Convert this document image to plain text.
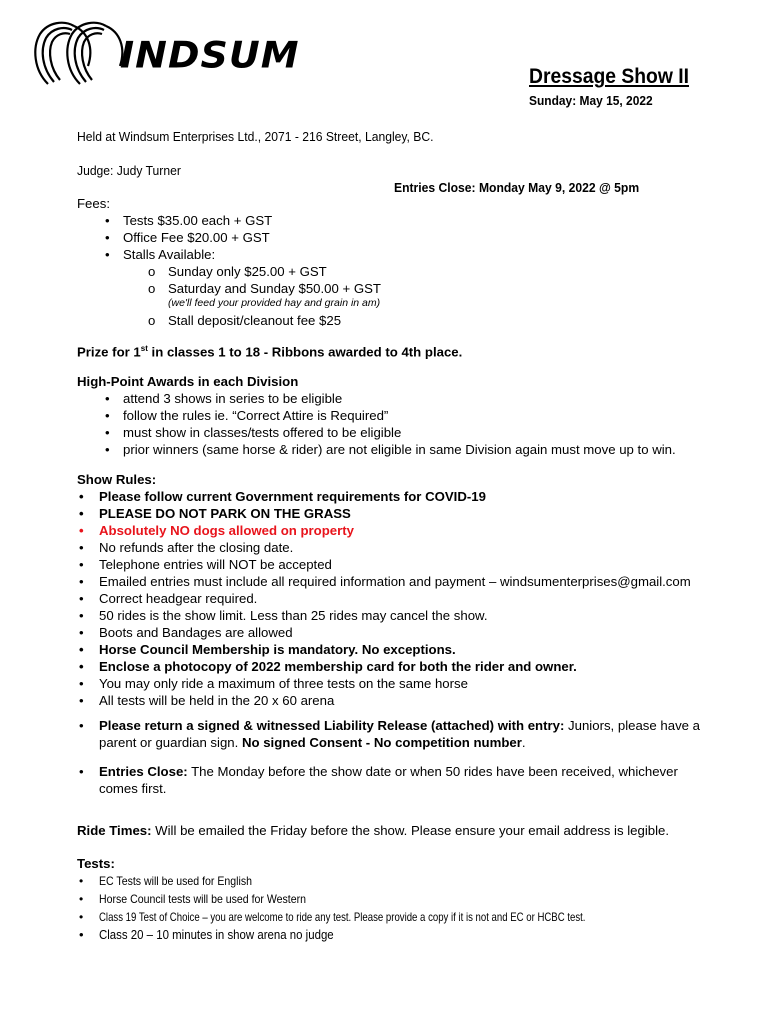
INDSUM
Dressage Show II
Sunday: May 15, 2022
Held at Windsum Enterprises Ltd., 2071 - 216 Street, Langley, BC.
Judge: Judy Turner
Entries Close: Monday May 9, 2022 @ 5pm
Fees:
• Tests $35.00 each + GST
• Office Fee $20.00 + GST
• Stalls Available:
o Sunday only $25.00 + GST
o Saturday and Sunday $50.00 + GST
(we'll feed your provided hay and grain in am)
o Stall deposit/cleanout fee $25
Prize for 1st in classes 1 to 18 - Ribbons awarded to 4th place.
High-Point Awards in each Division
• attend 3 shows in series to be eligible
• follow the rules ie. “Correct Attire is Required”
• must show in classes/tests offered to be eligible
• prior winners (same horse & rider) are not eligible in same Division again must move up to win.
Show Rules:
• Please follow current Government requirements for COVID-19
• PLEASE DO NOT PARK ON THE GRASS
• Absolutely NO dogs allowed on property
• No refunds after the closing date.
• Telephone entries will NOT be accepted
• Emailed entries must include all required information and payment – windsumenterprises@gmail.com
• Correct headgear required.
• 50 rides is the show limit. Less than 25 rides may cancel the show.
• Boots and Bandages are allowed
• Horse Council Membership is mandatory. No exceptions.
• Enclose a photocopy of 2022 membership card for both the rider and owner.
• You may only ride a maximum of three tests on the same horse
• All tests will be held in the 20 x 60 arena
• Please return a signed & witnessed Liability Release (attached) with entry: Juniors, please have a parent or guardian sign. No signed Consent - No competition number.
• Entries Close: The Monday before the show date or when 50 rides have been received, whichever comes first.
Ride Times: Will be emailed the Friday before the show. Please ensure your email address is legible.
Tests:
• EC Tests will be used for English
• Horse Council tests will be used for Western
• Class 19 Test of Choice – you are welcome to ride any test. Please provide a copy if it is not and EC or HCBC test.
• Class 20 – 10 minutes in show arena no judge
